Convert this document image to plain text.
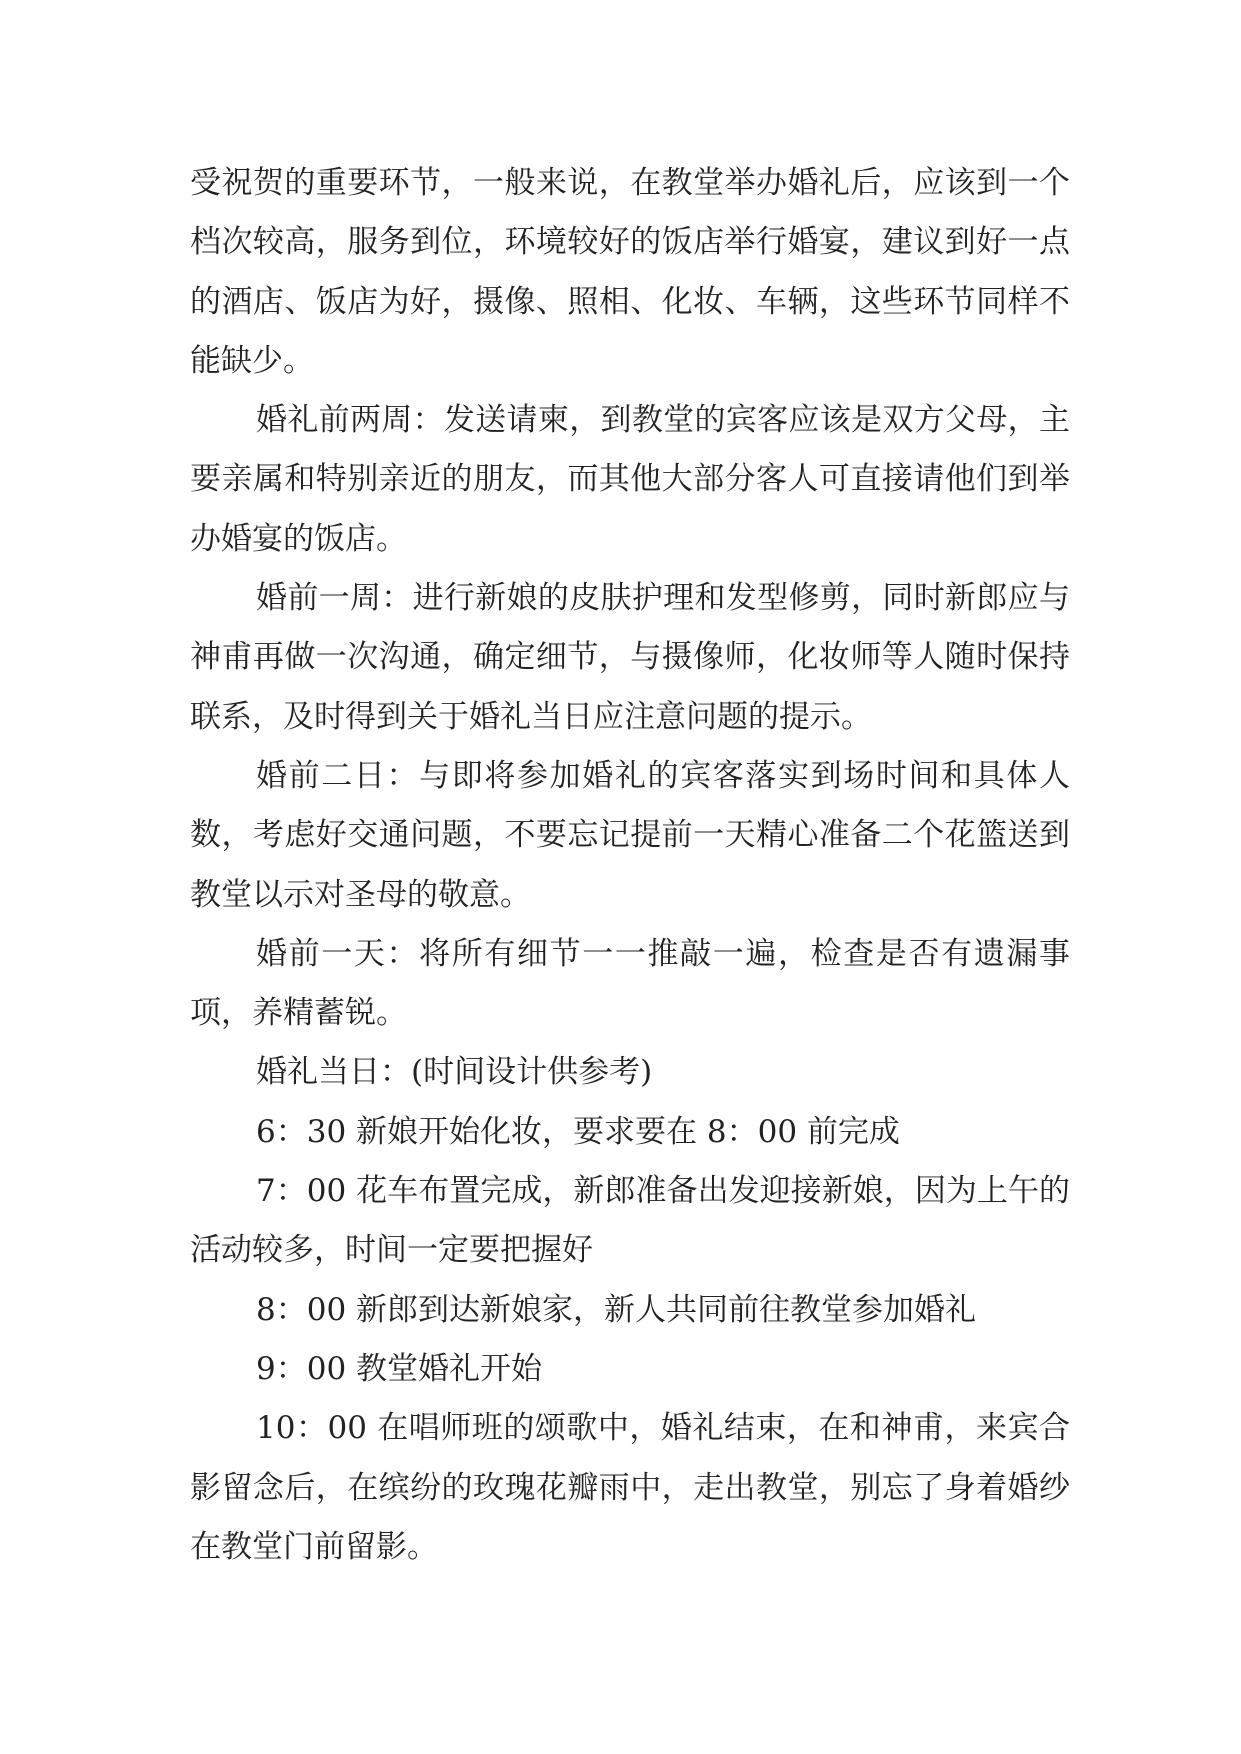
受祝贺的重要环节，一般来说，在教堂举办婚礼后，应该到一个档次较高，服务到位，环境较好的饭店举行婚宴，建议到好一点的酒店、饭店为好，摄像、照相、化妆、车辆，这些环节同样不能缺少。

婚礼前两周：发送请柬，到教堂的宾客应该是双方父母，主要亲属和特别亲近的朋友，而其他大部分客人可直接请他们到举办婚宴的饭店。

婚前一周：进行新娘的皮肤护理和发型修剪，同时新郎应与神甫再做一次沟通，确定细节，与摄像师，化妆师等人随时保持联系，及时得到关于婚礼当日应注意问题的提示。

婚前二日：与即将参加婚礼的宾客落实到场时间和具体人数，考虑好交通问题，不要忘记提前一天精心准备二个花篮送到教堂以示对圣母的敬意。

婚前一天：将所有细节一一推敲一遍，检查是否有遗漏事项，养精蓄锐。

婚礼当日：(时间设计供参考)

6：30 新娘开始化妆，要求要在 8：00 前完成

7：00 花车布置完成，新郎准备出发迎接新娘，因为上午的活动较多，时间一定要把握好

8：00 新郎到达新娘家，新人共同前往教堂参加婚礼

9：00 教堂婚礼开始

10：00 在唱师班的颂歌中，婚礼结束，在和神甫，来宾合影留念后，在缤纷的玫瑰花瓣雨中，走出教堂，别忘了身着婚纱在教堂门前留影。
